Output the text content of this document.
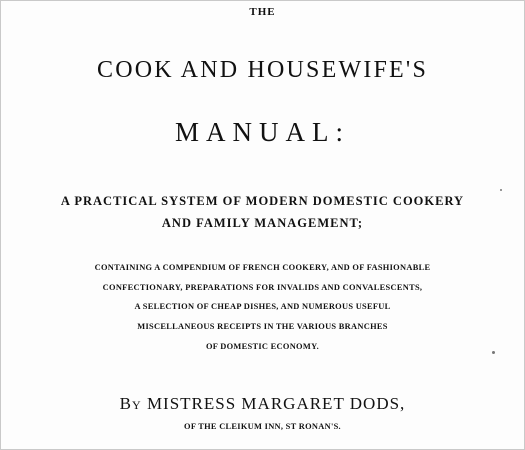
THE

COOK AND HOUSEWIFE'S

MANUAL:

A PRACTICAL SYSTEM OF MODERN DOMESTIC COOKERY

AND FAMILY MANAGEMENT;

CONTAINING A COMPENDIUM OF FRENCH COOKERY, AND OF FASHIONABLE

CONFECTIONARY, PREPARATIONS FOR INVALIDS AND CONVALESCENTS,

A SELECTION OF CHEAP DISHES, AND NUMEROUS USEFUL

MISCELLANEOUS RECEIPTS IN THE VARIOUS BRANCHES

OF DOMESTIC ECONOMY.

By MISTRESS MARGARET DODS,

OF THE CLEIKUM INN, ST RONAN'S.
